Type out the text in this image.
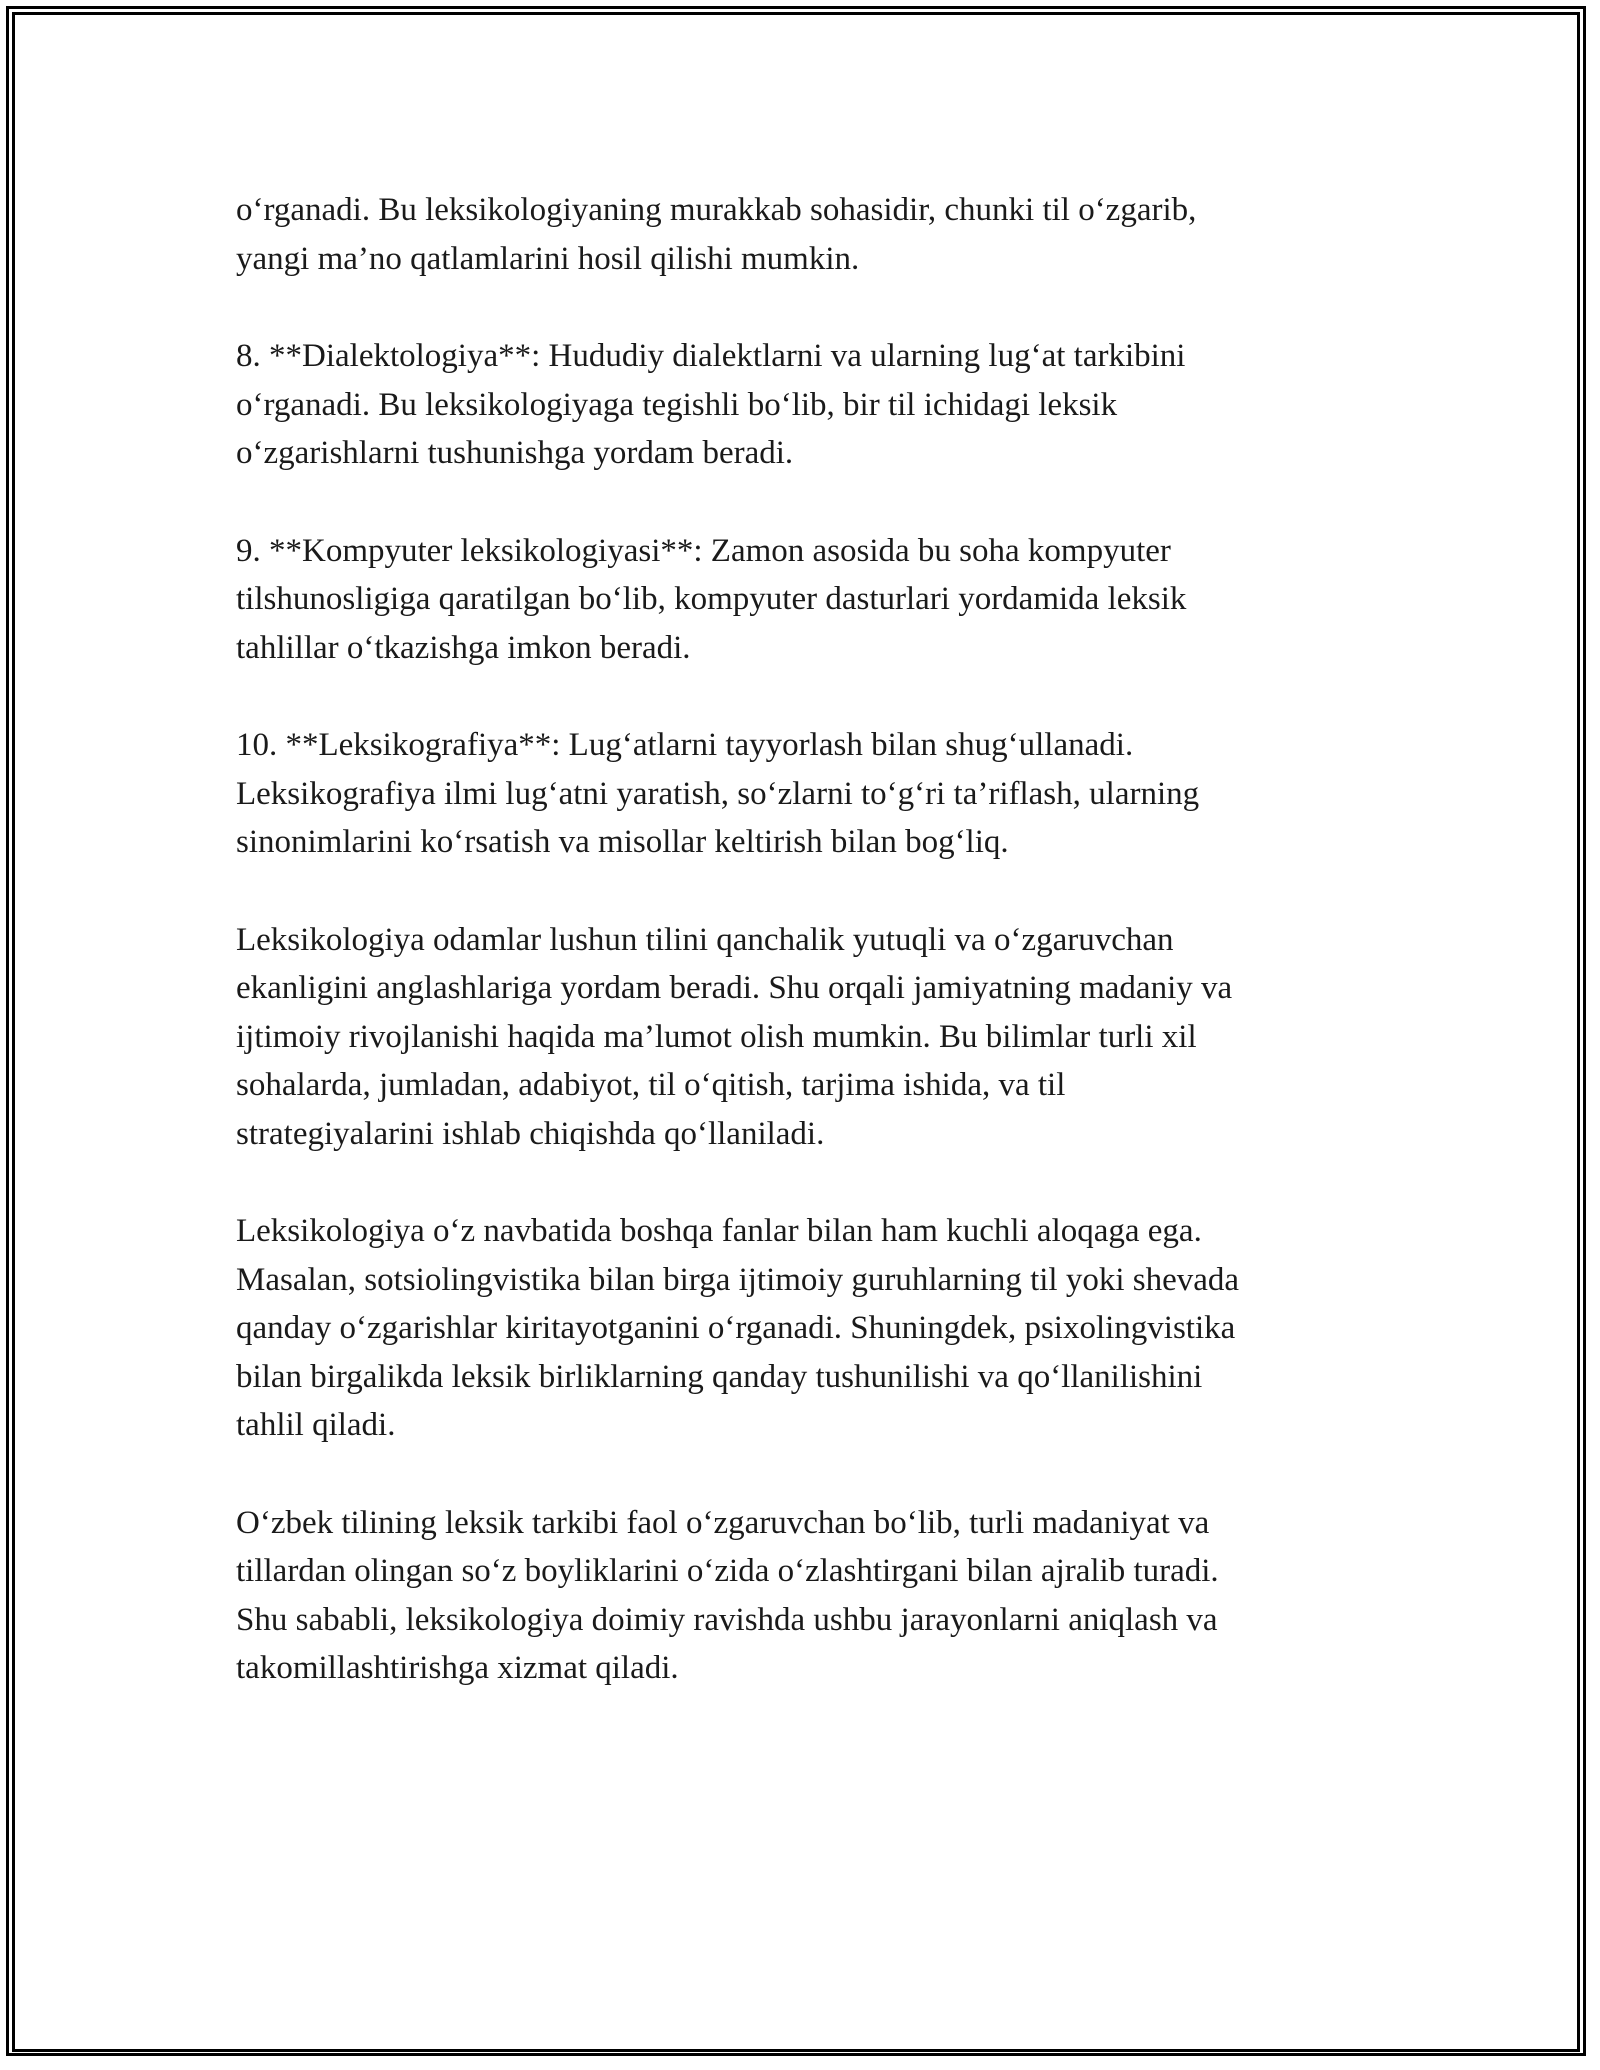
o‘rganadi. Bu leksikologiyaning murakkab sohasidir, chunki til o‘zgarib,
yangi ma’no qatlamlarini hosil qilishi mumkin.

8. **Dialektologiya**: Hududiy dialektlarni va ularning lug‘at tarkibini
o‘rganadi. Bu leksikologiyaga tegishli bo‘lib, bir til ichidagi leksik
o‘zgarishlarni tushunishga yordam beradi.

9. **Kompyuter leksikologiyasi**: Zamon asosida bu soha kompyuter
tilshunosligiga qaratilgan bo‘lib, kompyuter dasturlari yordamida leksik
tahlillar o‘tkazishga imkon beradi.

10. **Leksikografiya**: Lug‘atlarni tayyorlash bilan shug‘ullanadi.
Leksikografiya ilmi lug‘atni yaratish, so‘zlarni to‘g‘ri ta’riflash, ularning
sinonimlarini ko‘rsatish va misollar keltirish bilan bog‘liq.

Leksikologiya odamlar lushun tilini qanchalik yutuqli va o‘zgaruvchan
ekanligini anglashlariga yordam beradi. Shu orqali jamiyatning madaniy va
ijtimoiy rivojlanishi haqida ma’lumot olish mumkin. Bu bilimlar turli xil
sohalarda, jumladan, adabiyot, til o‘qitish, tarjima ishida, va til
strategiyalarini ishlab chiqishda qo‘llaniladi.

Leksikologiya o‘z navbatida boshqa fanlar bilan ham kuchli aloqaga ega.
Masalan, sotsiolingvistika bilan birga ijtimoiy guruhlarning til yoki shevada
qanday o‘zgarishlar kiritayotganini o‘rganadi. Shuningdek, psixolingvistika
bilan birgalikda leksik birliklarning qanday tushunilishi va qo‘llanilishini
tahlil qiladi.

O‘zbek tilining leksik tarkibi faol o‘zgaruvchan bo‘lib, turli madaniyat va
tillardan olingan so‘z boyliklarini o‘zida o‘zlashtirgani bilan ajralib turadi.
Shu sababli, leksikologiya doimiy ravishda ushbu jarayonlarni aniqlash va
takomillashtirishga xizmat qiladi.
